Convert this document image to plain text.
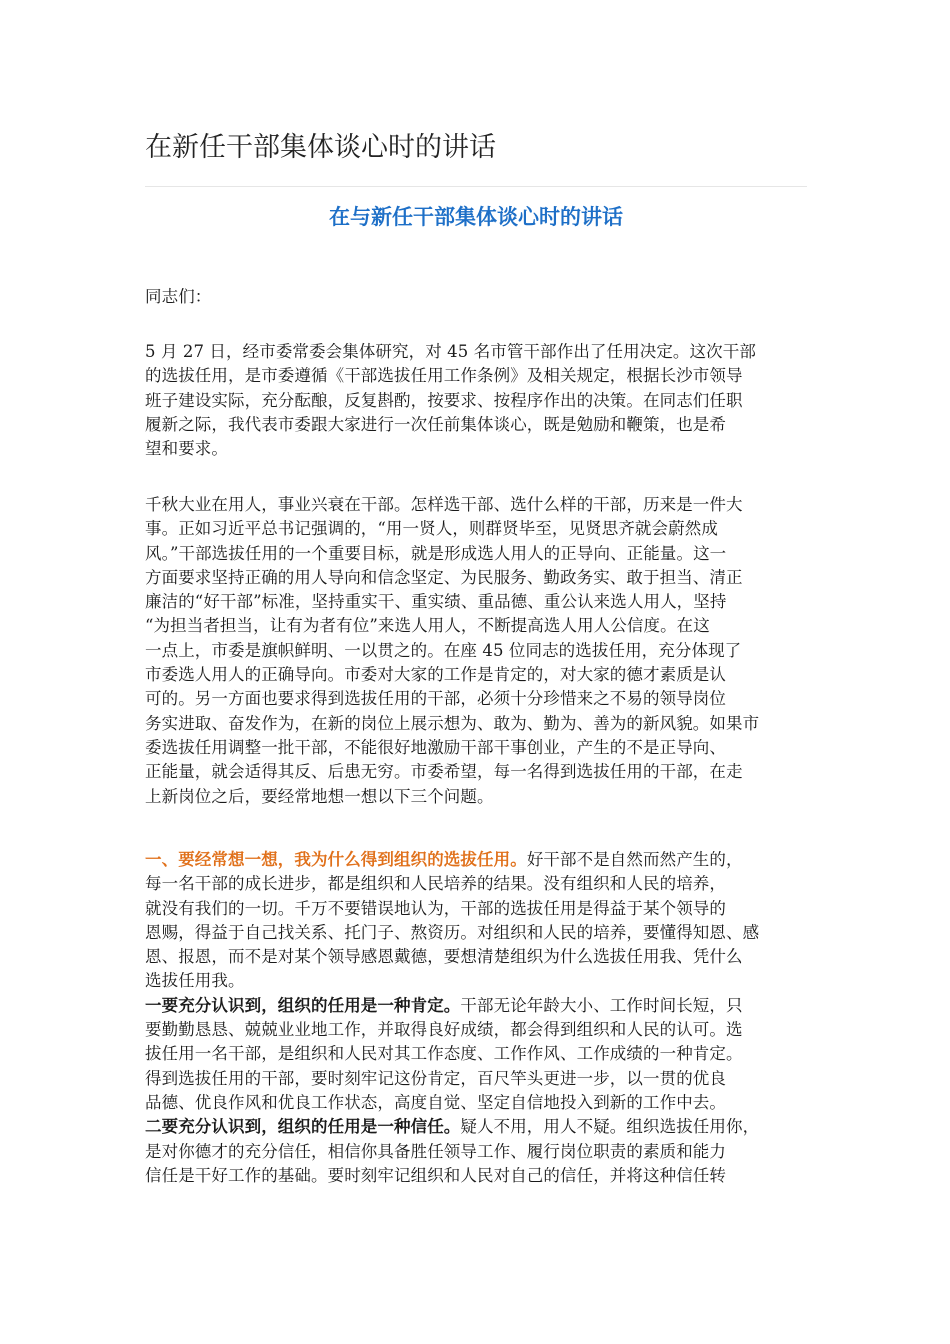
在新任干部集体谈心时的讲话
在与新任干部集体谈心时的讲话
同志们：
5 月 27 日，经市委常委会集体研究，对 45 名市管干部作出了任用决定。这次干部
的选拔任用，是市委遵循《干部选拔任用工作条例》及相关规定，根据长沙市领导
班子建设实际，充分酝酿，反复斟酌，按要求、按程序作出的决策。在同志们任职
履新之际，我代表市委跟大家进行一次任前集体谈心，既是勉励和鞭策，也是希
望和要求。
千秋大业在用人，事业兴衰在干部。怎样选干部、选什么样的干部，历来是一件大
事。正如习近平总书记强调的，“用一贤人，则群贤毕至，见贤思齐就会蔚然成
风。”干部选拔任用的一个重要目标，就是形成选人用人的正导向、正能量。这一
方面要求坚持正确的用人导向和信念坚定、为民服务、勤政务实、敢于担当、清正
廉洁的“好干部”标准，坚持重实干、重实绩、重品德、重公认来选人用人，坚持
“为担当者担当，让有为者有位”来选人用人，不断提高选人用人公信度。在这
一点上，市委是旗帜鲜明、一以贯之的。在座 45 位同志的选拔任用，充分体现了
市委选人用人的正确导向。市委对大家的工作是肯定的，对大家的德才素质是认
可的。另一方面也要求得到选拔任用的干部，必须十分珍惜来之不易的领导岗位
务实进取、奋发作为，在新的岗位上展示想为、敢为、勤为、善为的新风貌。如果市
委选拔任用调整一批干部，不能很好地激励干部干事创业，产生的不是正导向、
正能量，就会适得其反、后患无穷。市委希望，每一名得到选拔任用的干部，在走
上新岗位之后，要经常地想一想以下三个问题。
一、要经常想一想，我为什么得到组织的选拔任用。好干部不是自然而然产生的，
每一名干部的成长进步，都是组织和人民培养的结果。没有组织和人民的培养，
就没有我们的一切。千万不要错误地认为，干部的选拔任用是得益于某个领导的
恩赐，得益于自己找关系、托门子、熬资历。对组织和人民的培养，要懂得知恩、感
恩、报恩，而不是对某个领导感恩戴德，要想清楚组织为什么选拔任用我、凭什么
选拔任用我。
一要充分认识到，组织的任用是一种肯定。干部无论年龄大小、工作时间长短，只
要勤勤恳恳、兢兢业业地工作，并取得良好成绩，都会得到组织和人民的认可。选
拔任用一名干部，是组织和人民对其工作态度、工作作风、工作成绩的一种肯定。
得到选拔任用的干部，要时刻牢记这份肯定，百尺竿头更进一步，以一贯的优良
品德、优良作风和优良工作状态，高度自觉、坚定自信地投入到新的工作中去。
二要充分认识到，组织的任用是一种信任。疑人不用，用人不疑。组织选拔任用你，
是对你德才的充分信任，相信你具备胜任领导工作、履行岗位职责的素质和能力
信任是干好工作的基础。要时刻牢记组织和人民对自己的信任，并将这种信任转
